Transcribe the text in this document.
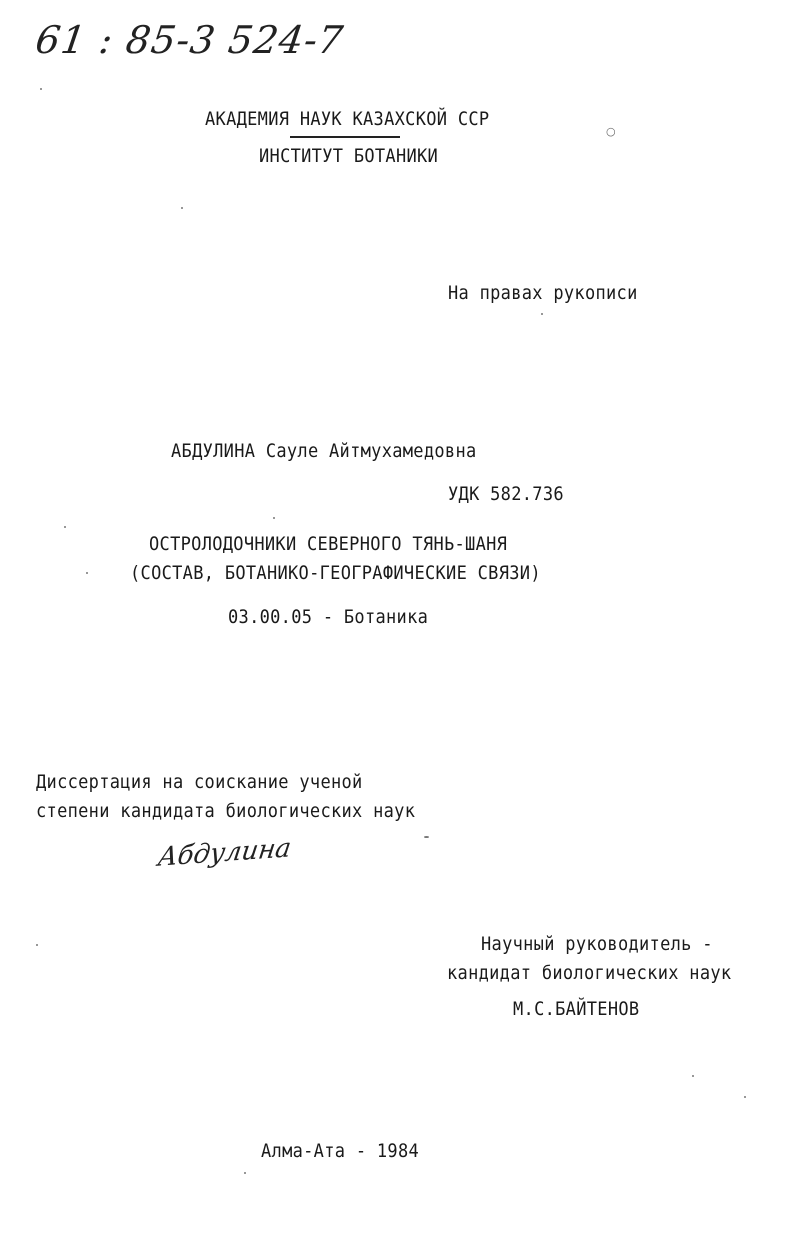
61 : 85-3 524-7
АКАДЕМИЯ НАУК КАЗАХСКОЙ ССР
ИНСТИТУТ БОТАНИКИ
○
На правах рукописи
АБДУЛИНА Сауле Айтмухамедовна
УДК 582.736
ОСТРОЛОДОЧНИКИ СЕВЕРНОГО ТЯНЬ-ШАНЯ
(СОСТАВ, БОТАНИКО-ГЕОГРАФИЧЕСКИЕ СВЯЗИ)
03.00.05 - Ботаника
Диссертация на соискание ученой
степени кандидата биологических наук
Абдулина
Научный руководитель -
кандидат биологических наук
М.С.БАЙТЕНОВ
Алма-Ата - 1984
